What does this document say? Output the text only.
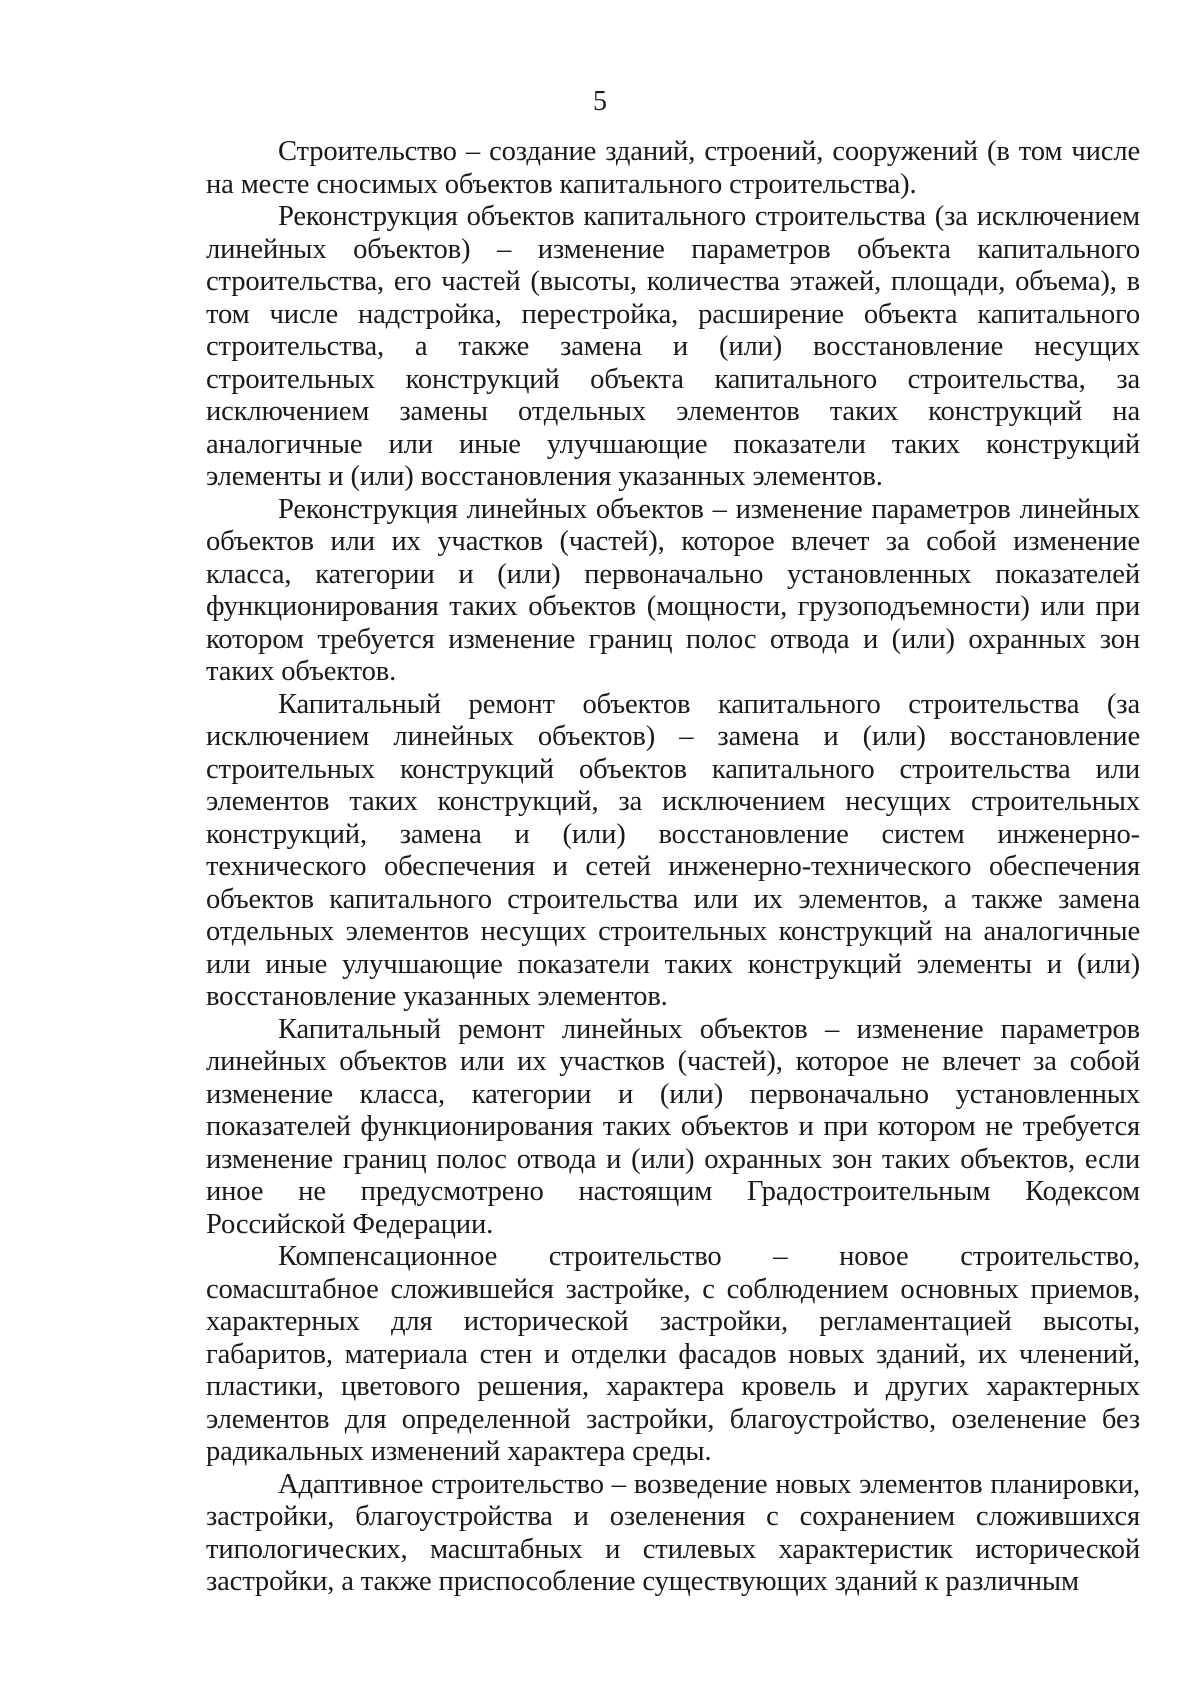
5

Строительство – создание зданий, строений, сооружений (в том числе на месте сносимых объектов капитального строительства).

Реконструкция объектов капитального строительства (за исключением линейных объектов) – изменение параметров объекта капитального строительства, его частей (высоты, количества этажей, площади, объема), в том числе надстройка, перестройка, расширение объекта капитального строительства, а также замена и (или) восстановление несущих строительных конструкций объекта капитального строительства, за исключением замены отдельных элементов таких конструкций на аналогичные или иные улучшающие показатели таких конструкций элементы и (или) восстановления указанных элементов.

Реконструкция линейных объектов – изменение параметров линейных объектов или их участков (частей), которое влечет за собой изменение класса, категории и (или) первоначально установленных показателей функционирования таких объектов (мощности, грузоподъемности) или при котором требуется изменение границ полос отвода и (или) охранных зон таких объектов.

Капитальный ремонт объектов капитального строительства (за исключением линейных объектов) – замена и (или) восстановление строительных конструкций объектов капитального строительства или элементов таких конструкций, за исключением несущих строительных конструкций, замена и (или) восстановление систем инженерно-технического обеспечения и сетей инженерно-технического обеспечения объектов капитального строительства или их элементов, а также замена отдельных элементов несущих строительных конструкций на аналогичные или иные улучшающие показатели таких конструкций элементы и (или) восстановление указанных элементов.

Капитальный ремонт линейных объектов – изменение параметров линейных объектов или их участков (частей), которое не влечет за собой изменение класса, категории и (или) первоначально установленных показателей функционирования таких объектов и при котором не требуется изменение границ полос отвода и (или) охранных зон таких объектов, если иное не предусмотрено настоящим Градостроительным Кодексом Российской Федерации.

Компенсационное строительство – новое строительство, сомасштабное сложившейся застройке, с соблюдением основных приемов, характерных для исторической застройки, регламентацией высоты, габаритов, материала стен и отделки фасадов новых зданий, их членений, пластики, цветового решения, характера кровель и других характерных элементов для определенной застройки, благоустройство, озеленение без радикальных изменений характера среды.

Адаптивное строительство – возведение новых элементов планировки, застройки, благоустройства и озеленения с сохранением сложившихся типологических, масштабных и стилевых характеристик исторической застройки, а также приспособление существующих зданий к различным
